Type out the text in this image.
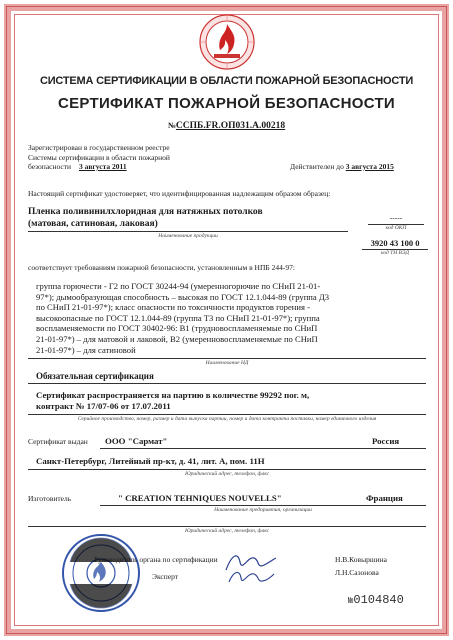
СИСТЕМА СЕРТИФИКАЦИИ В ОБЛАСТИ ПОЖАРНОЙ БЕЗОПАСНОСТИ
СЕРТИФИКАТ ПОЖАРНОЙ БЕЗОПАСНОСТИ
№ССПБ.FR.ОП031.А.00218
Зарегистрирован в государственном реестре
Системы сертификации в области пожарной
безопасности 3 августа 2011	Действителен до 3 августа 2015
Настоящий сертификат удостоверяет, что идентифицированная надлежащим образом образец:
Пленка поливинилхлоридная для натяжных потолков
(матовая, сатиновая, лаковая)
Наименование продукции
-----
код ОКП
3920 43 100 0
код ТН ВЭД
соответствует требованиям пожарной безопасности, установленным в НПБ 244-97:
группа горючести - Г2 по ГОСТ 30244-94 (умеренногорючие по СНиП 21-01-
97*); дымообразующая способность – высокая по ГОСТ 12.1.044-89 (группа Д3
по СНиП 21-01-97*); класс опасности по токсичности продуктов горения -
высокоопасные по ГОСТ 12.1.044-89 (группа Т3 по СНиП 21-01-97*); группа
воспламеняемости по ГОСТ 30402-96: В1 (трудновоспламеняемые по СНиП
21-01-97*) – для матовой и лаковой, В2 (умеренновоспламеняемые по СНиП
21-01-97*) – для сатиновой
Наименование НД
Обязательная сертификация
Сертификат распространяется на партию в количестве 99292 пог. м,
контракт № 17/07-06 от 17.07.2011
Серийное производство, номер, размер и дата выпуска партии, номер и дата контракта поставки, номер единичного изделия
Сертификат выдан ООО "Сармат"	Россия
Санкт-Петербург, Литейный пр-кт, д. 41, лит. А, пом. 11Н
Юридический адрес, телефон, факс
Изготовитель	" CREATION TEHNIQUES NOUVELLS"	Франция
Наименование предприятия, организации
Юридический адрес, телефон, факс
Руководитель органа по сертификации
Эксперт
Н.В.Ковыршина
Л.Н.Сазонова
№0104840
